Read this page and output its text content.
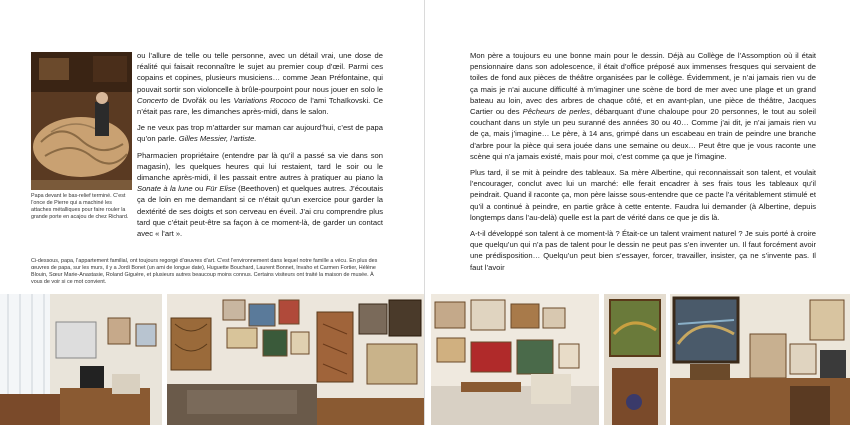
Papa devant le bas-relief terminé. C’est l’once de Pierre qui a machiné les attaches métalliques pour faire rouler la grande porte en acajou de chez Richard.

ou l’allure de telle ou telle personne, avec un détail vrai, une dose de réalité qui faisait reconnaître le sujet au premier coup d’œil. Parmi ces copains et copines, plusieurs musiciens… comme Jean Préfontaine, qui pouvait sortir son violoncelle à brûle-pourpoint pour nous jouer en solo le Concerto de Dvořák ou les Variations Rococo de l’ami Tchaïkovski. Ce n’était pas rare, les dimanches après-midi, dans le salon.

Je ne veux pas trop m’attarder sur maman car aujourd’hui, c’est de papa qu’on parle. Gilles Messier, l’artiste.

Pharmacien propriétaire (entendre par là qu’il a passé sa vie dans son magasin), les quelques heures qui lui restaient, tard le soir ou le dimanche après-midi, il les passait entre autres à pratiquer au piano la Sonate à la lune ou Für Elise (Beethoven) et quelques autres. J’écoutais ça de loin en me demandant si ce n’était qu’un exercice pour garder la dextérité de ses doigts et son cerveau en éveil. J’ai cru comprendre plus tard que c’était peut-être sa façon à ce moment-là, de garder un contact avec « l’art ».

Ci-dessous, papa, l’appartement familial, ont toujours regorgé d’œuvres d’art. C’est l’environnement dans lequel notre famille a vécu. En plus des œuvres de papa, sur les murs, il y a Jordi Bonet (un ami de longue date), Huguette Bouchard, Laurent Bonnet, Invaho et Carmen Fortier, Hélène Blouin, Sœur Marie-Anastasie, Roland Giguère, et plusieurs autres beaucoup moins connus. Certains visiteurs ont traité la maison de musée. À vous de voir si ce mot convient.

Mon père a toujours eu une bonne main pour le dessin. Déjà au Collège de l’Assomption où il était pensionnaire dans son adolescence, il était d’office préposé aux immenses fresques qui servaient de toiles de fond aux pièces de théâtre organisées par le collège. Évidemment, je n’ai jamais rien vu de ça mais je n’ai aucune difficulté à m’imaginer une scène de bord de mer avec une plage et un grand bateau au loin, avec des arbres de chaque côté, et en avant-plan, une pièce de théâtre, Jacques Cartier ou des Pêcheurs de perles, débarquant d’une chaloupe pour 20 personnes, le tout au soleil couchant dans un style un peu suranné des années 30 ou 40… Comme j’ai dit, je n’ai jamais rien vu de ça, mais j’imagine… Le père, à 14 ans, grimpé dans un escabeau en train de peindre une branche d’arbre pour la pièce qui sera jouée dans une semaine ou deux… Peut être que je vous raconte une scène qui n’a jamais existé, mais pour moi, c’est comme ça que je l’imagine.

Plus tard, il se mit à peindre des tableaux. Sa mère Albertine, qui reconnaissait son talent, et voulait l’encourager, conclut avec lui un marché: elle ferait encadrer à ses frais tous les tableaux qu’il peindrait. Quand il raconte ça, mon père laisse sous-entendre que ce pacte l’a véritablement stimulé et qu’il a continué à peindre, en partie grâce à cette entente. Faudra lui demander (à Albertine, depuis longtemps dans l’au-delà) quelle est la part de vérité dans ce que je dis là.

A-t-il développé son talent à ce moment-là ? Était-ce un talent vraiment naturel ? Je suis porté à croire que quelqu’un qui n’a pas de talent pour le dessin ne peut pas s’en inventer un. Il faut forcément avoir une prédisposition… Quelqu’un peut bien s’essayer, forcer, travailler, insister, ça ne s’invente pas. Il faut l’avoir
